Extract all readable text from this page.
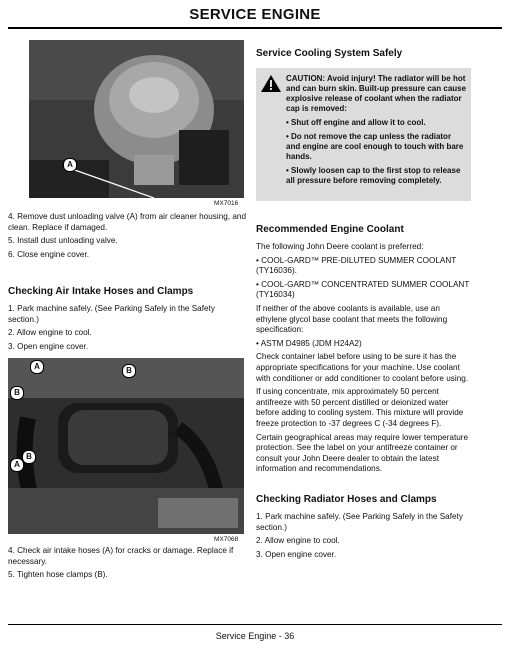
SERVICE ENGINE
A
MX7016

4. Remove dust unloading valve (A) from air cleaner housing, and clean. Replace if damaged.

5. Install dust unloading valve.

6. Close engine cover.

Checking Air Intake Hoses and Clamps

1. Park machine safely. (See Parking Safely in the Safety section.)

2. Allow engine to cool.

3. Open engine cover.

A	B
B
B
A
MX7068

4. Check air intake hoses (A) for cracks or damage. Replace if necessary.

5. Tighten hose clamps (B).

Service Cooling System Safely
CAUTION: Avoid injury! The radiator will be hot and can burn skin. Built-up pressure can cause explosive release of coolant when the radiator cap is removed:
• Shut off engine and allow it to cool.
• Do not remove the cap unless the radiator and engine are cool enough to touch with bare hands.
• Slowly loosen cap to the first stop to release all pressure before removing completely.
Recommended Engine Coolant

The following John Deere coolant is preferred:

• COOL-GARD™ PRE-DILUTED SUMMER COOLANT (TY16036).

• COOL-GARD™ CONCENTRATED SUMMER COOLANT (TY16034)

If neither of the above coolants is available, use an ethylene glycol base coolant that meets the following specification:

• ASTM D4985 (JDM H24A2)

Check container label before using to be sure it has the appropriate specifications for your machine. Use coolant with conditioner or add conditioner to coolant before using.

If using concentrate, mix approximately 50 percent antifreeze with 50 percent distilled or deionized water before adding to cooling system. This mixture will provide freeze protection to -37 degrees C (-34 degrees F).

Certain geographical areas may require lower temperature protection. See the label on your antifreeze container or consult your John Deere dealer to obtain the latest information and recommendations.

Checking Radiator Hoses and Clamps

1. Park machine safely. (See Parking Safely in the Safety section.)

2. Allow engine to cool.

3. Open engine cover.

Service Engine - 36
